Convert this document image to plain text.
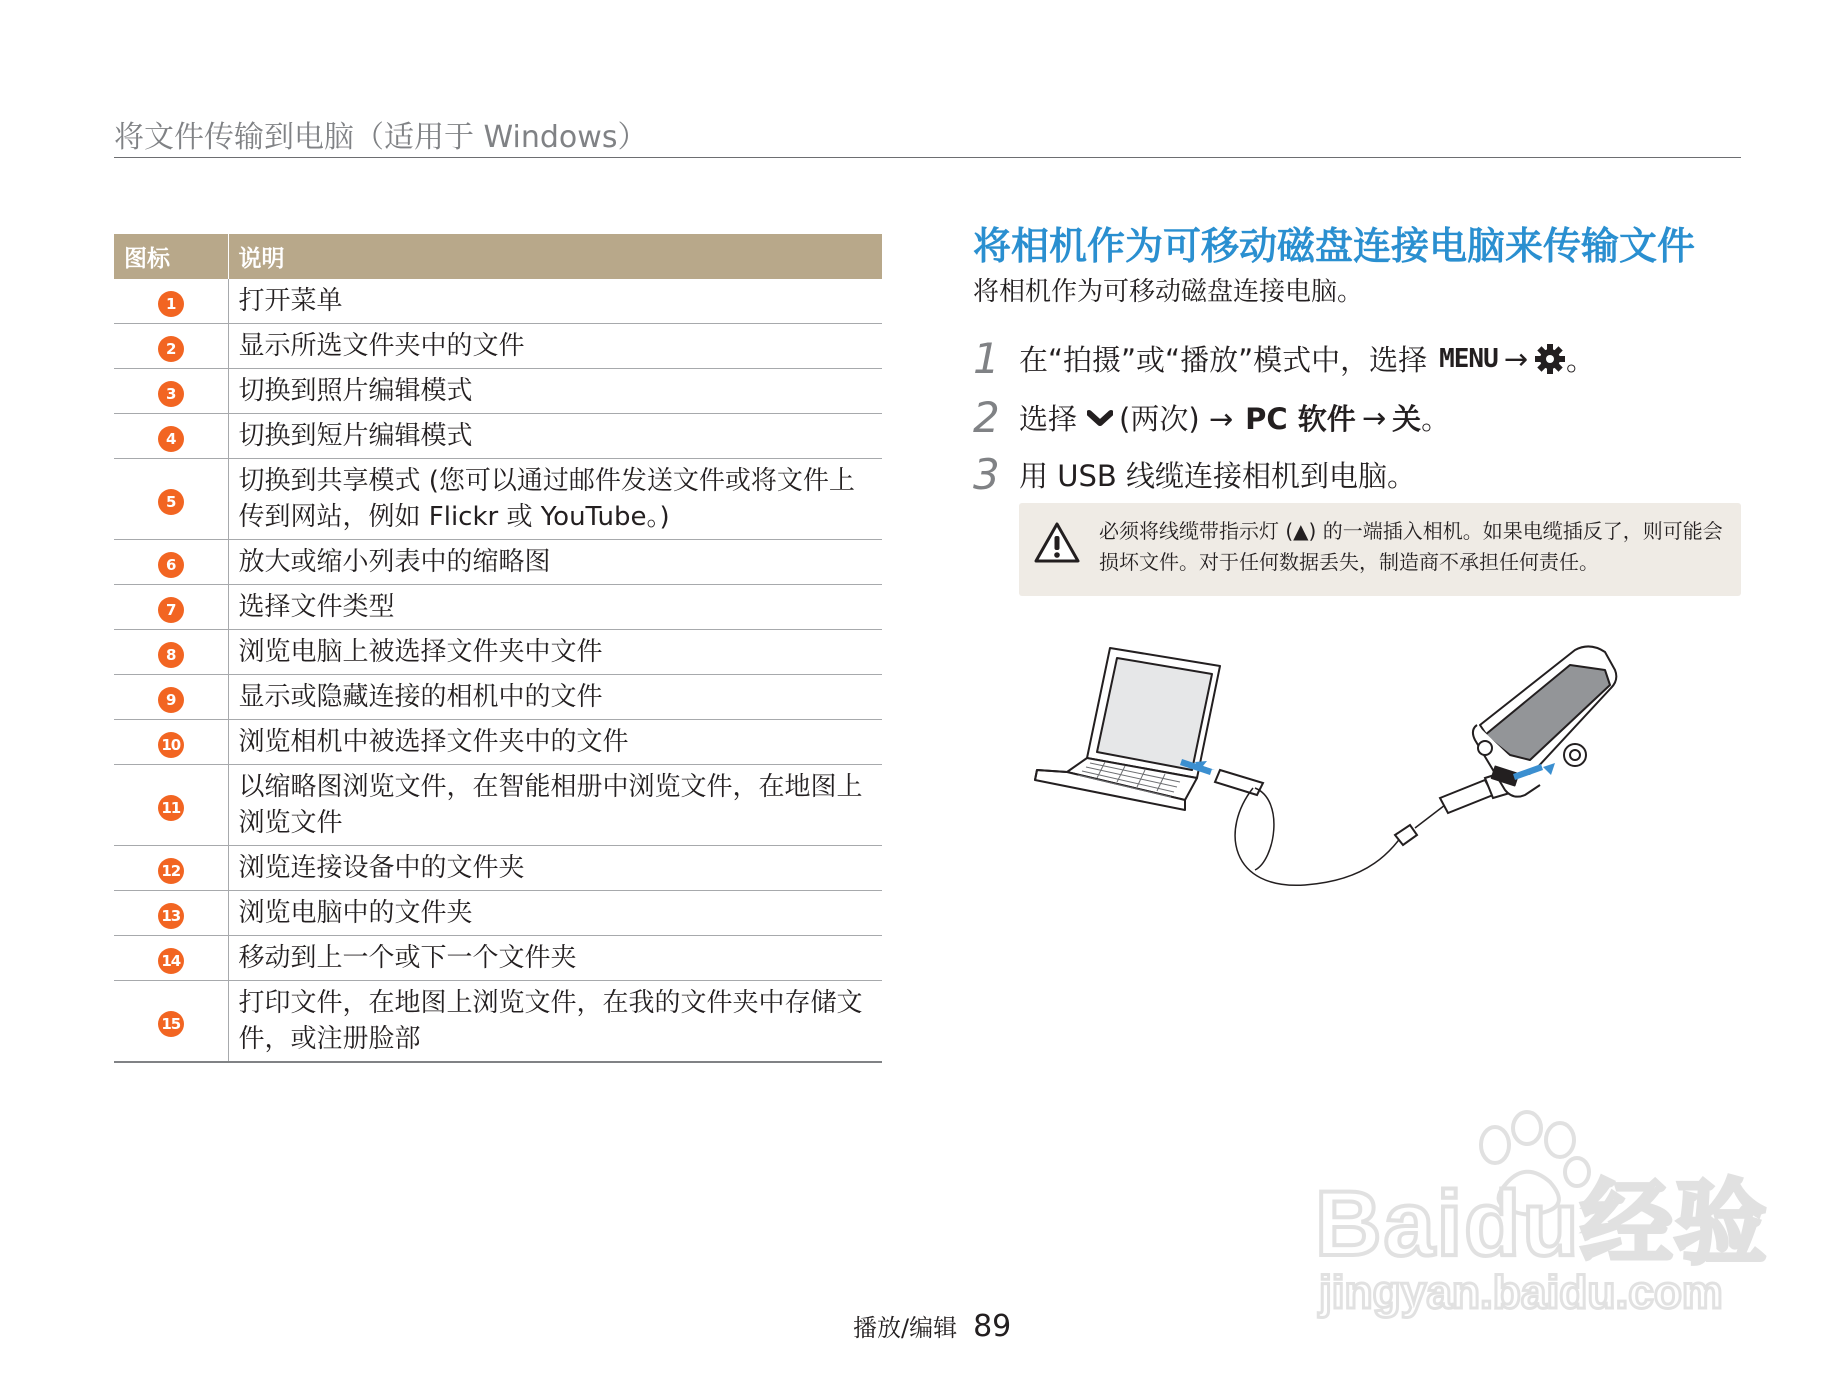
将文件传输到电脑（适用于 Windows）
图标	说明
1	打开菜单
2	显示所选文件夹中的文件
3	切换到照片编辑模式
4	切换到短片编辑模式
5	切换到共享模式 (您可以通过邮件发送文件或将文件上传到网站，例如 Flickr 或 YouTube。)
6	放大或缩小列表中的缩略图
7	选择文件类型
8	浏览电脑上被选择文件夹中文件
9	显示或隐藏连接的相机中的文件
10	浏览相机中被选择文件夹中的文件
11	以缩略图浏览文件，在智能相册中浏览文件，在地图上浏览文件
12	浏览连接设备中的文件夹
13	浏览电脑中的文件夹
14	移动到上一个或下一个文件夹
15	打印文件，在地图上浏览文件，在我的文件夹中存储文件，或注册脸部
将相机作为可移动磁盘连接电脑来传输文件
将相机作为可移动磁盘连接电脑。
1 在“拍摄”或“播放”模式中，选择 MENU → 。
2 选择 (两次) → PC 软件 → 关 。
3 用 USB 线缆连接相机到电脑。
必须将线缆带指示灯 (▲) 的一端插入相机。如果电缆插反了，则可能会损坏文件。对于任何数据丢失，制造商不承担任何责任。
播放/编辑 89
Baidu经验
jingyan.baidu.com
